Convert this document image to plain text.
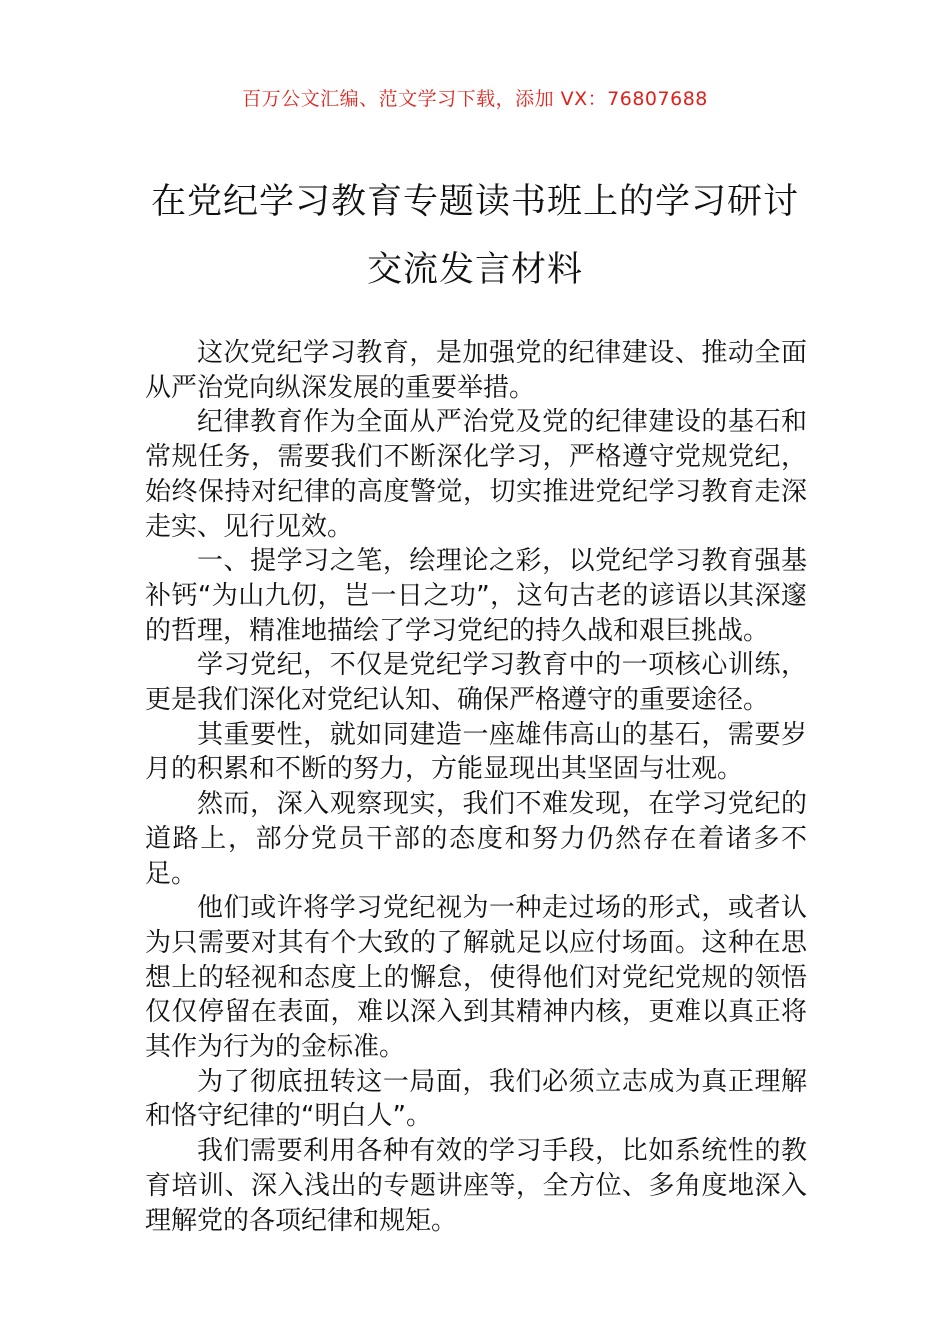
百万公文汇编、范文学习下载，添加 VX：76807688
在党纪学习教育专题读书班上的学习研讨
交流发言材料

这次党纪学习教育，是加强党的纪律建设、推动全面从严治党向纵深发展的重要举措。

纪律教育作为全面从严治党及党的纪律建设的基石和常规任务，需要我们不断深化学习，严格遵守党规党纪，始终保持对纪律的高度警觉，切实推进党纪学习教育走深走实、见行见效。

一、提学习之笔，绘理论之彩，以党纪学习教育强基补钙“为山九仞，岂一日之功”，这句古老的谚语以其深邃的哲理，精准地描绘了学习党纪的持久战和艰巨挑战。

学习党纪，不仅是党纪学习教育中的一项核心训练，更是我们深化对党纪认知、确保严格遵守的重要途径。

其重要性，就如同建造一座雄伟高山的基石，需要岁月的积累和不断的努力，方能显现出其坚固与壮观。

然而，深入观察现实，我们不难发现，在学习党纪的道路上，部分党员干部的态度和努力仍然存在着诸多不足。

他们或许将学习党纪视为一种走过场的形式，或者认为只需要对其有个大致的了解就足以应付场面。这种在思想上的轻视和态度上的懈怠，使得他们对党纪党规的领悟仅仅停留在表面，难以深入到其精神内核，更难以真正将其作为行为的金标准。

为了彻底扭转这一局面，我们必须立志成为真正理解和恪守纪律的“明白人”。

我们需要利用各种有效的学习手段，比如系统性的教育培训、深入浅出的专题讲座等，全方位、多角度地深入理解党的各项纪律和规矩。
